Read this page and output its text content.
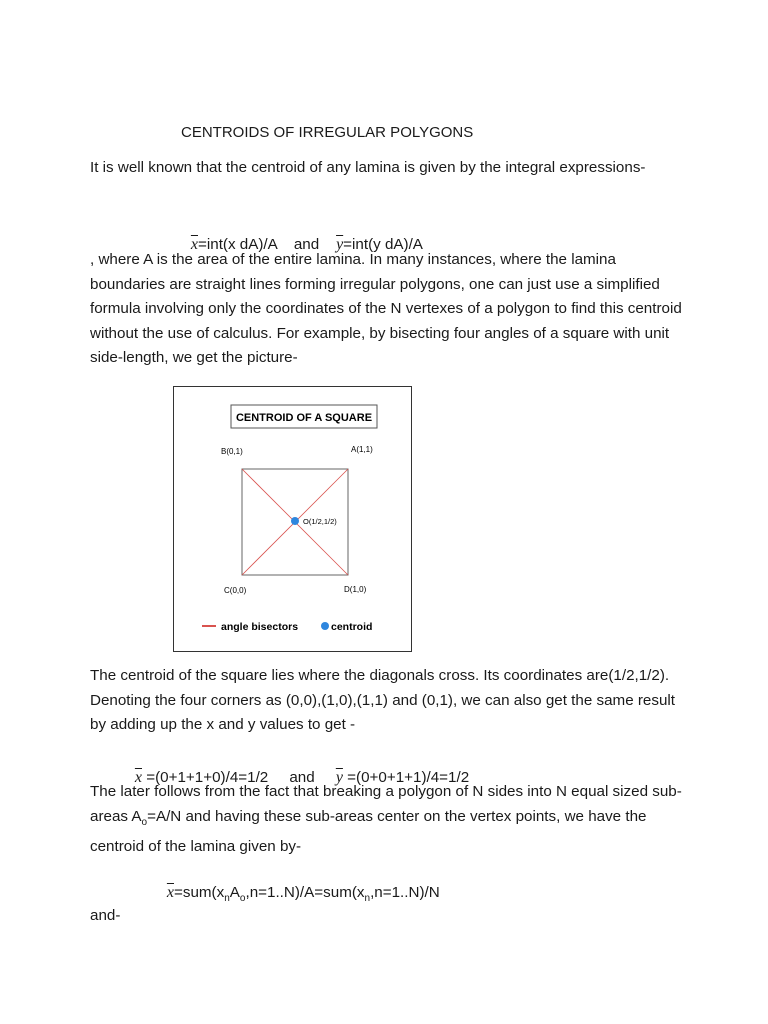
CENTROIDS OF IRREGULAR POLYGONS

It is well known that the centroid of any lamina is given by the integral expressions-

$\overline{x}=int(x$ dA)/A and $\overline{y}=int(y$ dA)/A

, where A is the area of the entire lamina. In many instances, where the lamina boundaries are straight lines forming irregular polygons, one can just use a simplified formula involving only the coordinates of the N vertexes of a polygon to find this centroid without the use of calculus. For example, by bisecting four angles of a square with unit side-length, we get the picture-

CENTROID OF A SQUARE
B(0,1)	A(1,1)
O(1/2,1/2)
C(0,0)	D(1,0)
angle bisectors	centroid

The centroid of the square lies where the diagonals cross. Its coordinates are(1/2,1/2). Denoting the four corners as (0,0),(1,0),(1,1) and (0,1), we can also get the same result by adding up the x and y values to get -

$\overline{x} =(0+1+1+0)/4=1/2$ and $\overline{y} =(0+0+1+1)/4=1/2$

The later follows from the fact that breaking a polygon of N sides into N equal sized sub-areas $A_o=A/N$ and having these sub-areas center on the vertex points, we have the centroid of the lamina given by-

$\overline{x}=sum(x_nA_o,n=1..N)/A=sum(x_n,n=1..N)/N$

and-
